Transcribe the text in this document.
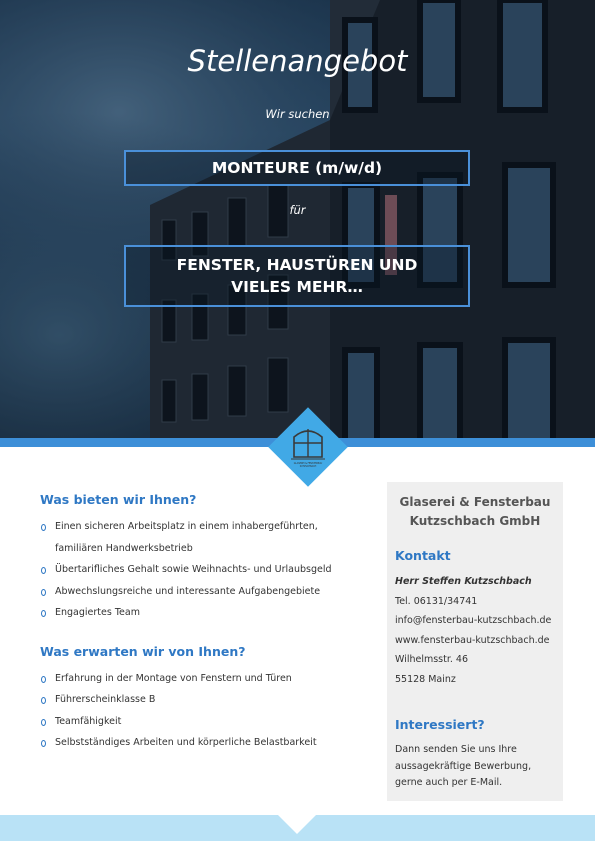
Stellenangebot
Wir suchen
MONTEURE (m/w/d)
für
FENSTER, HAUSTÜREN UND VIELES MEHR…
GLASEREI & FENSTERBAU
KUTZSCHBACH
Was bieten wir Ihnen?
Einen sicheren Arbeitsplatz in einem inhabergeführten,
familiären Handwerksbetrieb
Übertarifliches Gehalt sowie Weihnachts- und Urlaubsgeld
Abwechslungsreiche und interessante Aufgabengebiete
Engagiertes Team
Was erwarten wir von Ihnen?
Erfahrung in der Montage von Fenstern und Türen
Führerscheinklasse B
Teamfähigkeit
Selbstständiges Arbeiten und körperliche Belastbarkeit
Glaserei & Fensterbau
Kutzschbach GmbH
Kontakt
Herr Steffen Kutzschbach
Tel. 06131/34741
info@fensterbau-kutzschbach.de
www.fensterbau-kutzschbach.de
Wilhelmsstr. 46
55128 Mainz
Interessiert?
Dann senden Sie uns Ihre aussagekräftige Bewerbung, gerne auch per E-Mail.
